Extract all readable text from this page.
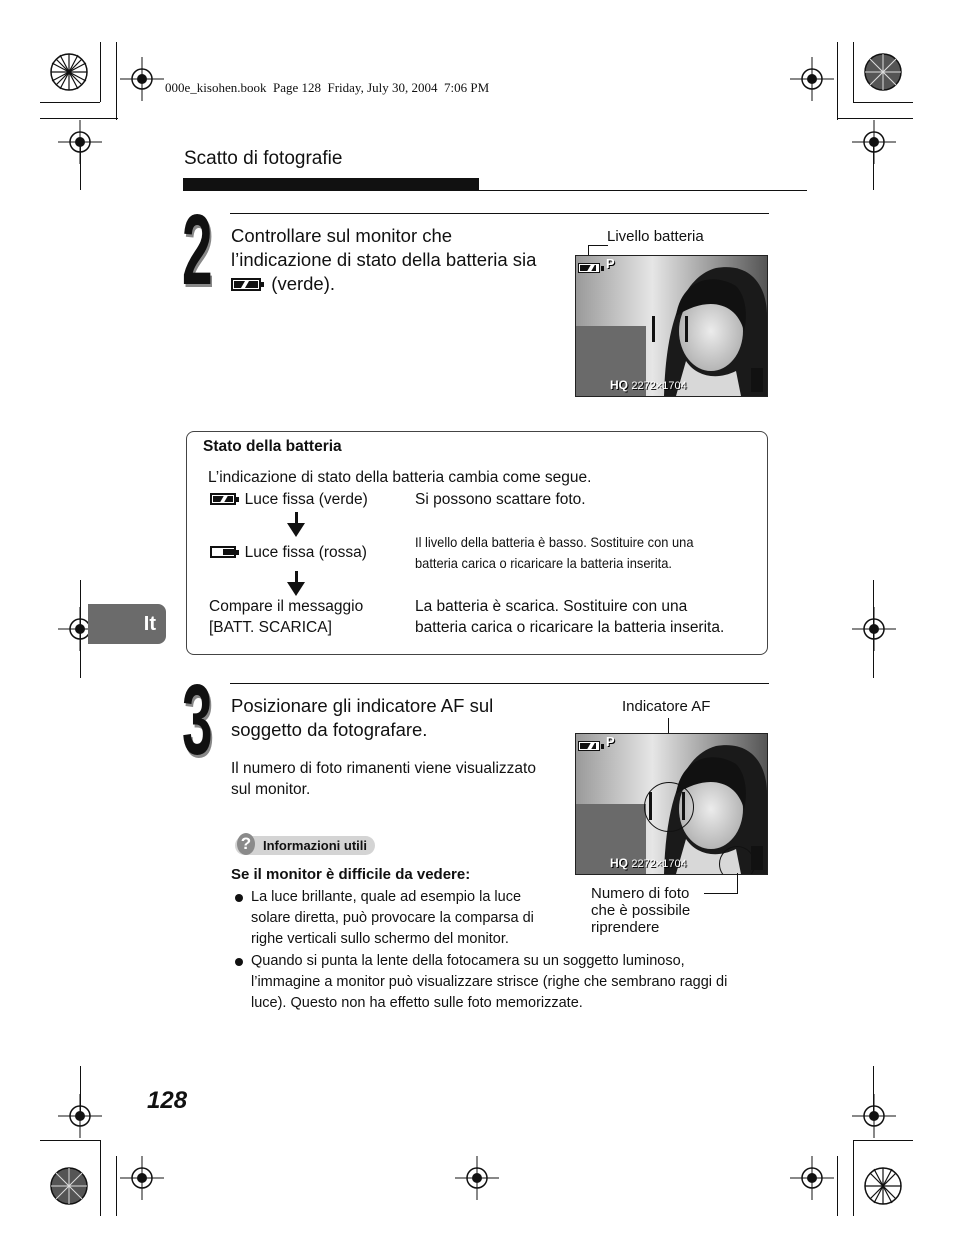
000e_kisohen.book  Page 128  Friday, July 30, 2004  7:06 PM
Scatto di fotografie
2 Controllare sul monitor che
l’indicazione di stato della batteria sia
(verde).
Livello batteria
P
HQ 2272×1704
Stato della batteria
L’indicazione di stato della batteria cambia come segue.
Luce fissa (verde)	Si possono scattare foto.
Luce fissa (rossa)
Il livello della batteria è basso. Sostituire con una
batteria carica o ricaricare la batteria inserita.
Compare il messaggio
[BATT. SCARICA]
La batteria è scarica. Sostituire con una
batteria carica o ricaricare la batteria inserita.
It
3 Posizionare gli indicatore AF sul
soggetto da fotografare.
Il numero di foto rimanenti viene visualizzato
sul monitor.
Indicatore AF
P
HQ 2272×1704
Numero di foto
che è possibile
riprendere
Informazioni utili
?
Se il monitor è difficile da vedere:
La luce brillante, quale ad esempio la luce
solare diretta, può provocare la comparsa di
righe verticali sullo schermo del monitor.
Quando si punta la lente della fotocamera su un soggetto luminoso,
l’immagine a monitor può visualizzare strisce (righe che sembrano raggi di
luce). Questo non ha effetto sulle foto memorizzate.
128
